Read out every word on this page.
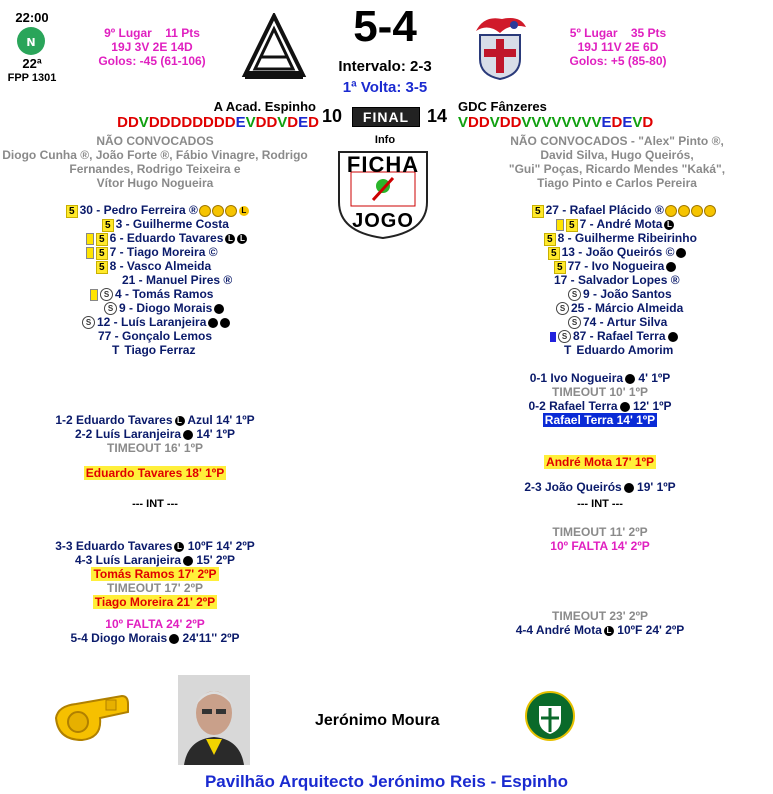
22:00
N
22ª
FPP 1301
9º Lugar 11 Pts
19J 3V 2E 14D
Golos: -45 (61-106)
5-4
Intervalo: 2-3
1ª Volta: 3-5
5º Lugar 35 Pts
19J 11V 2E 6D
Golos: +5 (85-80)
A Acad. Espinho	GDC Fânzeres
DDVDDDDDDDDEVDDVDED	VDDVDDVVVVVVVVEDEVD
10	FINAL 14
NÃO CONVOCADOS
Diogo Cunha ®, João Forte ®, Fábio Vinagre, Rodrigo
Fernandes, Rodrigo Teixeira e
Vítor Hugo Nogueira
NÃO CONVOCADOS - "Alex" Pinto ®,
David Silva, Hugo Queirós,
"Gui" Poças, Ricardo Mendes "Kaká",
Tiago Pinto e Carlos Pereira
Info
FICHA
JOGO
5 30 - Pedro Ferreira ®	L
5 3 - Guilherme Costa
5 6 - Eduardo Tavares L L
5 7 - Tiago Moreira ©
5 8 - Vasco Almeida
21 - Manuel Pires ®
S 4 - Tomás Ramos
S 9 - Diogo Morais
S 12 - Luís Laranjeira
77 - Gonçalo Lemos
T Tiago Ferraz
5 27 - Rafael Plácido ®
5 7 - André Mota L
5 8 - Guilherme Ribeirinho
5 13 - João Queirós ©
5 77 - Ivo Nogueira
17 - Salvador Lopes ®
S 9 - João Santos
S 25 - Márcio Almeida
S 74 - Artur Silva
S 87 - Rafael Terra
T Eduardo Amorim
1-2 Eduardo Tavares L Azul 14' 1ºP
2-2 Luís Laranjeira 14' 1ºP
TIMEOUT 16' 1ºP
Eduardo Tavares 18' 1ºP
--- INT ---
3-3 Eduardo Tavares L 10ºF 14' 2ºP
4-3 Luís Laranjeira 15' 2ºP
Tomás Ramos 17' 2ºP
TIMEOUT 17' 2ºP
Tiago Moreira 21' 2ºP
10º FALTA 24' 2ºP
5-4 Diogo Morais 24'11'' 2ºP
0-1 Ivo Nogueira 4' 1ºP
TIMEOUT 10' 1ºP
0-2 Rafael Terra 12' 1ºP
Rafael Terra 14' 1ºP
André Mota 17' 1ºP
2-3 João Queirós 19' 1ºP
--- INT ---
TIMEOUT 11' 2ºP
10º FALTA 14' 2ºP
TIMEOUT 23' 2ºP
4-4 André Mota L 10ºF 24' 2ºP
Jerónimo Moura
Pavilhão Arquitecto Jerónimo Reis - Espinho
